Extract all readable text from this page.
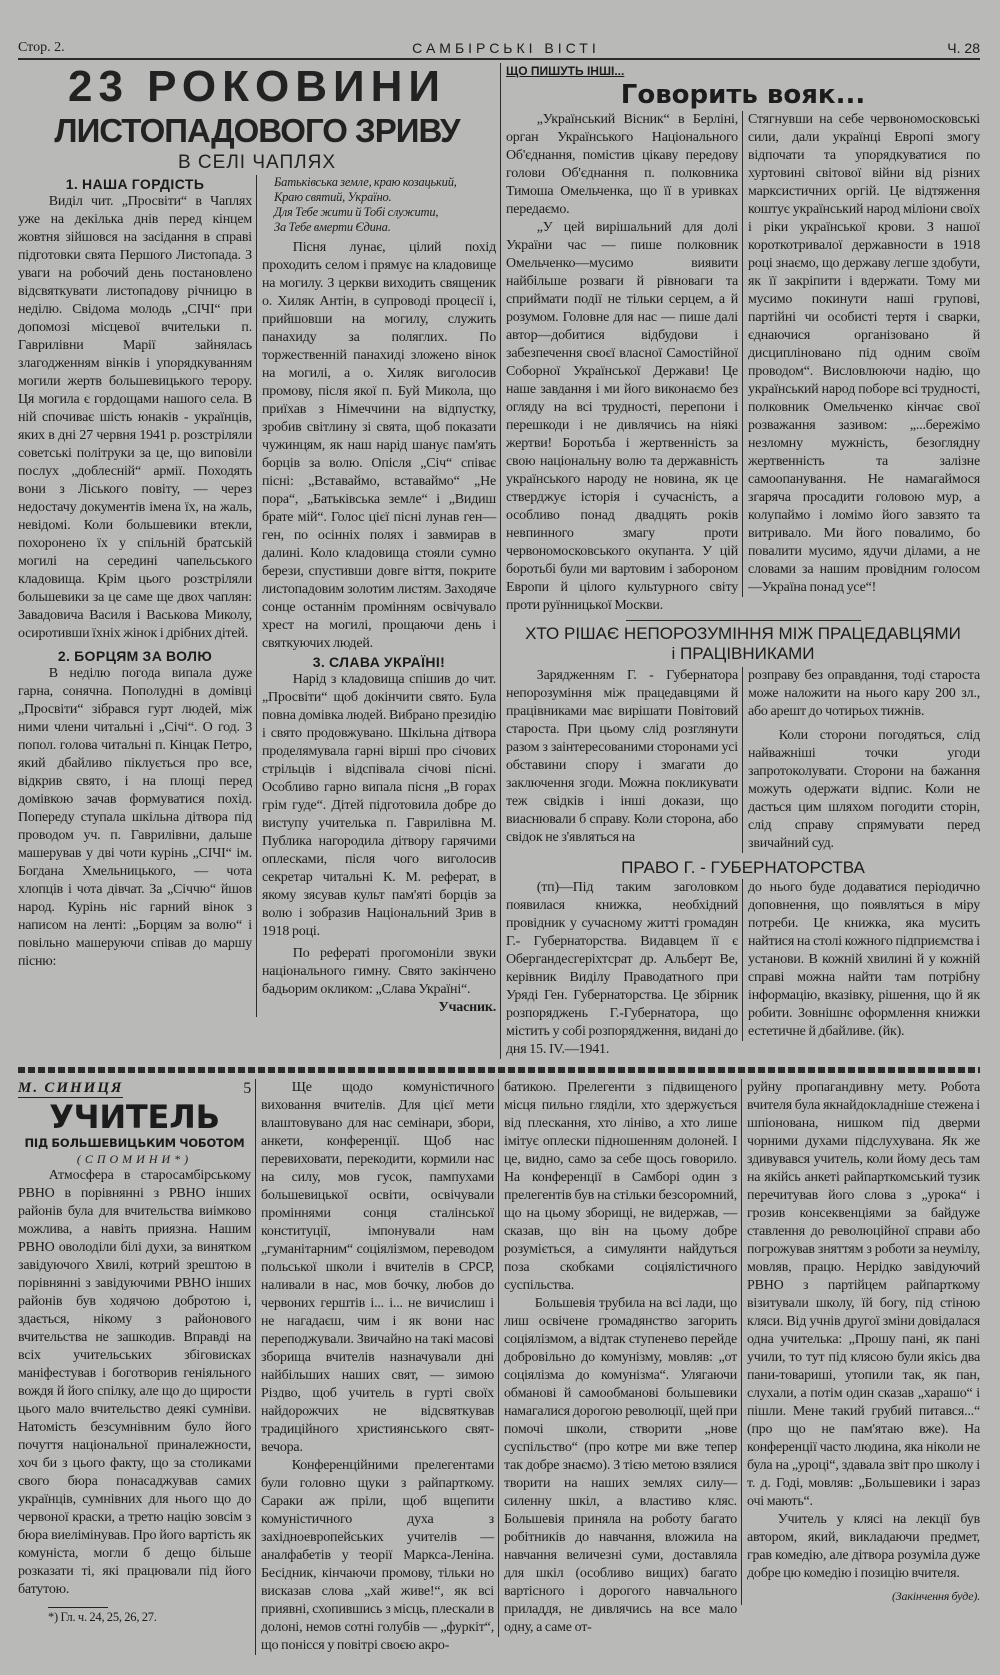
Стор. 2.	САМБІРСЬКІ ВІСТІ	Ч. 28
23 РОКОВИНИ
ЛИСТОПАДОВОГО ЗРИВУ
В СЕЛІ ЧАПЛЯХ
1. НАША ГОРДІСТЬ

Виділ чит. „Просвіти“ в Чаплях уже на декілька днів перед кінцем жовтня зійшовся на засідання в справі підготовки свята Першого Листопада. З уваги на робочий день постановлено відсвяткувати листопадову річницю в неділю. Свідома молодь „СІЧІ“ при допомозі місцевої вчительки п. Гаврилівни Марії зайнялась злагодженням вінків і упорядкуванням могили жертв большевицького терору. Ця могила є гордощами нашого села. В ній спочиває шість юнаків - українців, яких в дні 27 червня 1941 р. розстріляли советські політруки за це, що виповіли послух „доблесній“ армії. Походять вони з Ліського повіту, — через недостачу документів імена їх, на жаль, невідомі. Коли большевики втекли, похоронено їх у спільній братській могилі на середині чапельського кладовища. Крім цього розстріляли большевики за це саме ще двох чаплян: Завадовича Василя і Васькова Миколу, осиротивши їхніх жінок і дрібних дітей.

2. БОРЦЯМ ЗА ВОЛЮ

В неділю погода випала дуже гарна, сонячна. Пополудні в домівці „Просвіти“ зібрався гурт людей, між ними члени читальні і „Січі“. О год. 3 попол. голова читальні п. Кінцак Петро, який дбайливо піклується про все, відкрив свято, і на площі перед домівкою зачав формуватися похід. Попереду ступала шкільна дітвора під проводом уч. п. Гаврилівни, дальше машерував у дві чоти курінь „СІЧІ“ ім. Богдана Хмельницького, — чота хлопців і чота дівчат. За „Січчю“ йшов народ. Курінь ніс гарний вінок з написом на ленті: „Борцям за волю“ і повільно машеруючи співав до маршу пісню:

Батьківська земле, краю козацький,
Краю святий, Україно.
Для Тебе жити й Тобі служити,
За Тебе вмерти Єдина.

Пісня лунає, цілий похід проходить селом і прямує на кладовище на могилу. З церкви виходить священик о. Хиляк Антін, в супроводі процесії і, прийшовши на могилу, служить панахиду за поляглих. По торжественній панахиді зложено вінок на могилі, а о. Хиляк виголосив промову, після якої п. Буй Микола, що приїхав з Німеччини на відпустку, зробив світлину зі свята, щоб показати чужинцям, як наш нарід шанує пам'ять борців за волю. Опісля „Січ“ співає пісні: „Вставаймо, вставаймо“ „Не пора“, „Батьківська земле“ і „Видиш брате мій“. Голос цієї пісні лунав ген—ген, по осінніх полях і завмирав в далині. Коло кладовища стояли сумно берези, спустивши довге віття, покрите листопадовим золотим листям. Заходяче сонце останнім промінням освічувало хрест на могилі, прощаючи день і святкуючих людей.

3. СЛАВА УКРАЇНІ!

Нарід з кладовища спішив до чит. „Просвіти“ щоб докінчити свято. Була повна домівка людей. Вибрано президію і свято продовжувано. Шкільна дітвора проделямувала гарні вірші про січових стрільців і відспівала січові пісні. Особливо гарно випала пісня „В горах грім гуде“. Дітей підготовила добре до виступу учителька п. Гаврилівна М. Публика нагородила дітвору гарячими оплесками, після чого виголосив секретар читальні К. М. реферат, в якому зясував культ пам'яті борців за волю і зобразив Національний Зрив в 1918 році.

По рефераті прогомоніли звуки національного гимну. Свято закінчено бадьорим окликом: „Слава Україні“.

Учасник.
ЩО ПИШУТЬ ІНШІ...
Говорить вояк...

„Український Вісник“ в Берліні, орган Українського Національного Об'єднання, помістив цікаву передову голови Об'єднання п. полковника Тимоша Омельченка, що її в уривках передаємо.

„У цей вирішальний для долі України час — пише полковник Омельченко—мусимо виявити найбільше розваги й рівноваги та сприймати події не тільки серцем, а й розумом. Головне для нас — пише далі автор—добитися відбудови і забезпечення своєї власної Самостійної Соборної Української Держави! Це наше завдання і ми його виконаємо без огляду на всі трудності, перепони і перешкоди і не дивлячись на ніякі жертви! Боротьба і жертвенність за свою національну волю та державність українського народу не новина, як це стверджує історія і сучасність, а особливо понад двадцять років невпинного змагу проти червономосковського окупанта. У цій боротьбі були ми вартовим і забороном Европи й цілого культурного світу проти руїнницької Москви.

Стягнувши на себе червономосковські сили, дали українці Европі змогу відпочати та упорядкуватися по хуртовині світової війни від різних марксистичних оргій. Це відтяження коштує український народ міліони своїх і ріки української крови. З нашої короткотривалої державности в 1918 році знаємо, що державу легше здобути, як її закріпити і вдержати. Тому ми мусимо покинути наші групові, партійні чи особисті тертя і сварки, єднаючися організовано й дисципліновано під одним своїм проводом“. Висловлюючи надію, що український народ поборе всі трудності, полковник Омельченко кінчає свої розважання зазивом: „...бережімо незломну мужність, безоглядну жертвенність та залізне самоопанування. Не намагаймося згаряча просадити головою мур, а колупаймо і ломімо його завзято та витривало. Ми його повалимо, бо повалити мусимо, ядучи ділами, а не словами за нашим провідним голосом—Україна понад усе“!

ХТО РІШАЄ НЕПОРОЗУМІННЯ МІЖ ПРАЦЕДАВЦЯМИ
і ПРАЦІВНИКАМИ

Зарядженням Г. - Губернатора непорозуміння між працедавцями й працівниками має вирішати Повітовий староста. При цьому слід розглянути разом з заінтересованими сторонами усі обставини спору і змагати до заключення згоди. Можна покликувати теж свідків і інші докази, що виаснювали б справу. Коли сторона, або свідок не з'являться на

розправу без оправдання, тоді староста може наложити на нього кару 200 зл., або арешт до чотирьох тижнів.

Коли сторони погодяться, слід найважніші точки угоди запротоколувати. Сторони на бажання можуть одержати відпис. Коли не дасться цим шляхом погодити сторін, слід справу спрямувати перед звичайний суд.

ПРАВО Г. - ГУБЕРНАТОРСТВА

(тп)—Під таким заголовком появилася книжка, необхідний провідник у сучасному житті громадян Г.- Губернаторства. Видавцем її є Обергандесгеріхтсрат др. Альберт Ве, керівник Виділу Праводатного при Уряді Ген. Губернаторства. Це збірник розпоряджень Г.-Губернатора, що містить у собі розпорядження, видані до дня 15. IV.—1941.

до нього буде додаватися періодично доповнення, що появляться в міру потреби. Це книжка, яка мусить найтися на столі кожного підприємства і установи. В кожній хвилині й у кожній справі можна найти там потрібну інформацію, вказівку, рішення, що й як робити. Зовнішнє оформлення книжки естетичне й дбайливе. (йк).

М. СИНИЦЯ	5
УЧИТЕЛЬ
ПІД БОЛЬШЕВИЦЬКИМ ЧОБОТОМ
(СПОМИНИ*)

Атмосфера в старосамбірському РВНО в порівнянні з РВНО інших районів була для вчительства виімково можлива, а навіть приязна. Нашим РВНО оволоділи білі духи, за винятком завідуючого Хвилі, котрий зрештою в порівнянні з завідуючими РВНО інших районів був ходячою добротою і, здається, нікому з районового вчительства не зашкодив. Вправді на всіх учительських збіговисках маніфестував і боготворив геніяльного вождя й його спілку, але що до щирости цього мало вчительство деякі сумніви. Натомість безсумнівним було його почуття національної приналежности, хоч би з цього факту, що за столиками свого бюра понасаджував самих українців, сумнівних для нього що до червоної краски, а третю націю зовсім з бюра виелімінував. Про його вартість як комуніста, могли б дещо більше розказати ті, які працювали під його батутою.

*) Гл. ч. 24, 25, 26, 27.

Ще щодо комуністичного виховання вчителів. Для цієї мети влаштовувано для нас семінари, збори, анкети, конференції. Щоб нас перевиховати, перекодити, кормили нас на силу, мов гусок, пампухами большевицької освіти, освічували проміннями сонця сталінської конституції, імпонували нам „гуманітарним“ соціялізмом, переводом польської школи і вчителів в СРСР, наливали в нас, мов бочку, любов до червоних герштів і... і... не вичислиш і не нагадаєш, чим і як вони нас переподжували. Звичайно на такі масові зборища вчителів назначували дні найбільших наших свят, — зимою Різдво, щоб учитель в гурті своїх найдорожчих не відсвяткував традиційного християнського свят-вечора.

Конференційними прелегентами були головно щуки з райпарткому. Сараки аж пріли, щоб вщепити комуністичного духа з західноевропейських учителів — аналфабетів у теорії Маркса-Леніна. Бесідник, кінчаючи промову, тільки но висказав слова „хай живе!“, як всі приявні, схопившись з місць, плескали в долоні, немов сотні голубів — „фуркіт“, що понісся у повітрі своєю акро-

батикою. Прелегенти з підвищеного місця пильно гляділи, хто здержується від плескання, хто лініво, а хто лише імітує оплески підношенням долоней. І це, видно, само за себе щось говорило. На конференції в Самборі один з прелегентів був на стільки безсоромний, що на цьому зборищі, не видержав, — сказав, що він на цьому добре розуміється, а симулянти найдуться поза скобками соціялістичного суспільства.

Большевія трубила на всі лади, що лиш освічене громадянство загорить соціялізмом, а відтак ступенево перейде добровільно до комунізму, мовляв: „от соціялізма до комунізма“. Улягаючи обманові й самообманові большевики намагалися дорогою революції, щей при помочі школи, створити „нове суспільство“ (про котре ми вже тепер так добре знаємо). З тією метою взялися творити на наших землях силу—силенну шкіл, а властиво кляс. Большевія приняла на роботу багато робітників до навчання, вложила на навчання величезні суми, доставляла для шкіл (особливо вищих) багато вартісного і дорогого навчального приладдя, не дивлячись на все мало одну, а саме от-

руйну пропагандивну мету. Робота вчителя була якнайдокладніше стежена і шпіонована, нишком під дверми чорними духами підслухувана. Як же здивувався учитель, коли йому десь там на якійсь анкеті райпарткомський тузик перечитував його слова з „урока“ і грозив консеквенціями за байдуже ставлення до революційної справи або погрожував зняттям з роботи за неумілу, мовляв, працю. Нерідко завідуючий РВНО з партійцем райпарткому візитували школу, їй богу, під стіною кляси. Від учнів другої зміни довідалася одна учителька: „Прошу пані, як пані учили, то тут під клясою були якісь два пани-товариші, утопили так, як пан, слухали, а потім один сказав „харашо“ і пішли. Мене такий грубий питався...“ (про що не пам'ятаю вже). На конференції часто людина, яка ніколи не була на „уроці“, здавала звіт про школу і т. д. Годі, мовляв: „Большевики і зараз очі мають“.

Учитель у клясі на лекції був автором, який, викладаючи предмет, грав комедію, але дітвора розуміла дуже добре цю комедію і позицію вчителя.

(Закінчення буде).
